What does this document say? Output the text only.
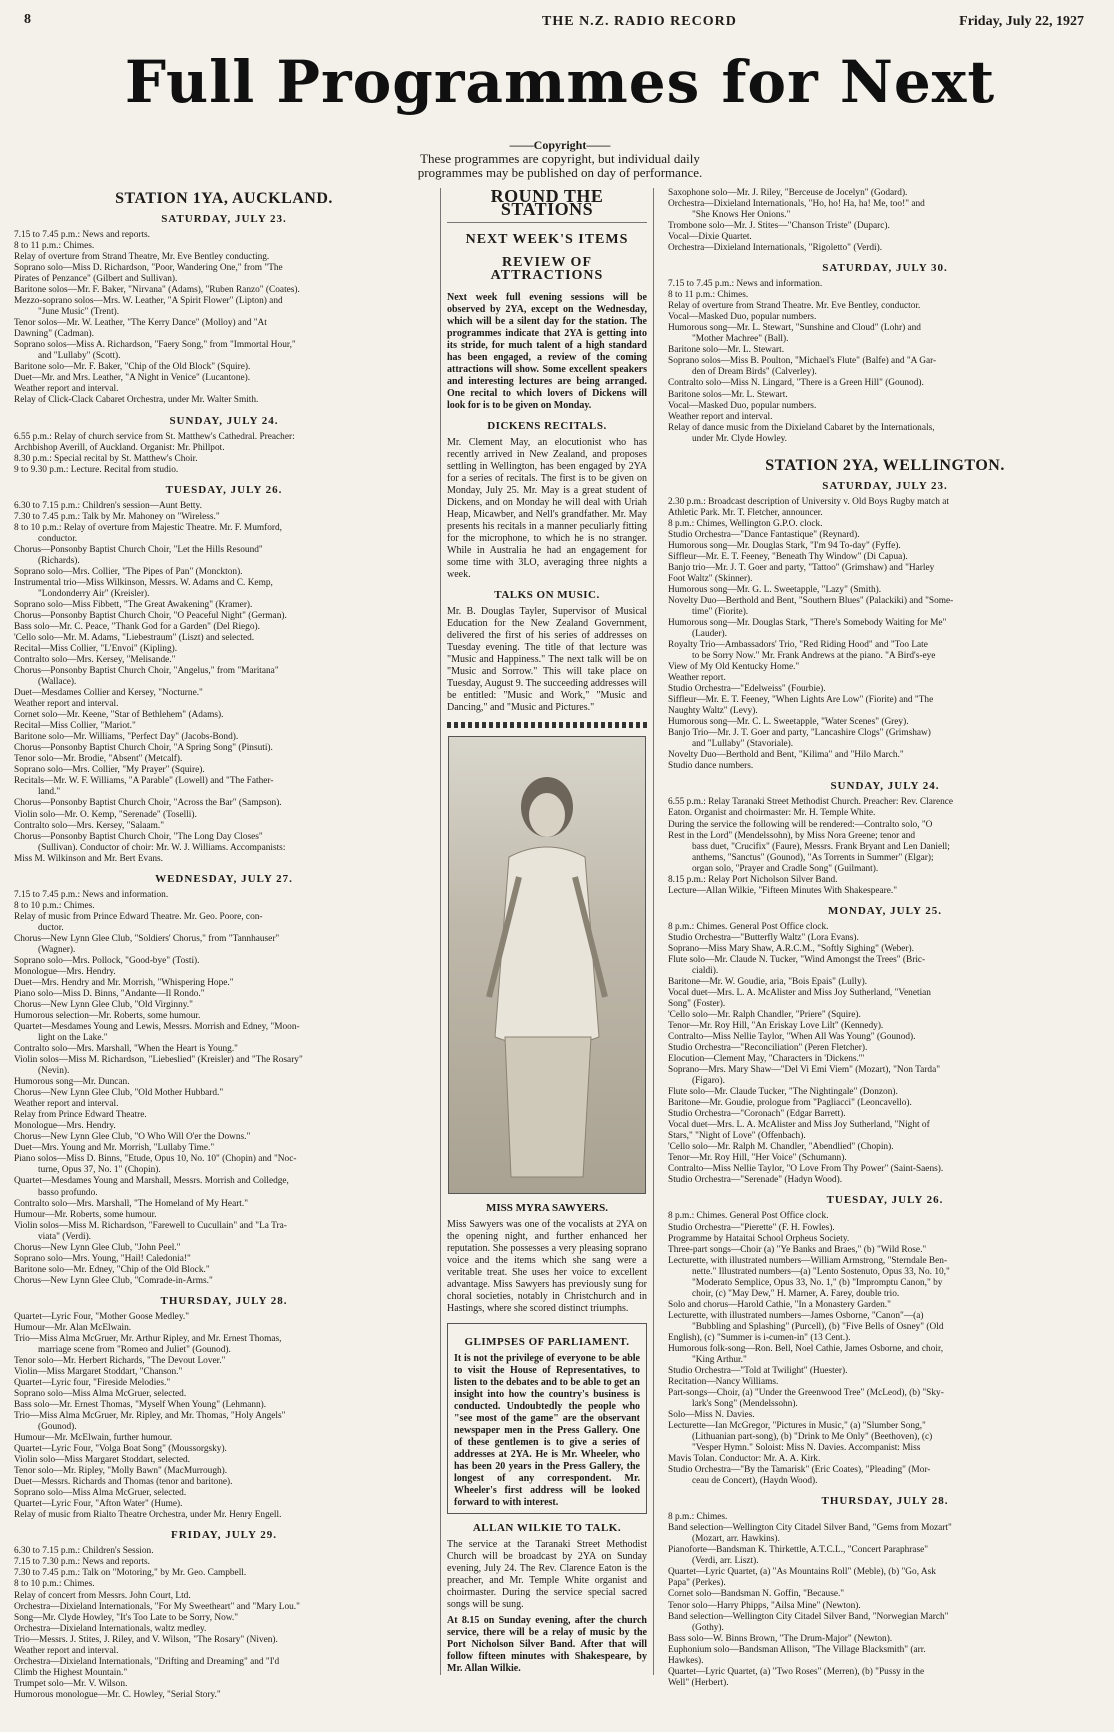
8	THE N.Z. RADIO RECORD	Friday, July 22, 1927
Full Programmes for Next
——Copyright——
These programmes are copyright, but individual daily
programmes may be published on day of performance.
STATION 1YA, AUCKLAND.
SATURDAY, JULY 23.
7.15 to 7.45 p.m.: News and reports.
8 to 11 p.m.: Chimes.
Relay of overture from Strand Theatre, Mr. Eve Bentley conducting.
Soprano solo—Miss D. Richardson, "Poor, Wandering One," from "The
Pirates of Penzance" (Gilbert and Sullivan).
Baritone solos—Mr. F. Baker, "Nirvana" (Adams), "Ruben Ranzo" (Coates).
Mezzo-soprano solos—Mrs. W. Leather, "A Spirit Flower" (Lipton) and
"June Music" (Trent).
Tenor solos—Mr. W. Leather, "The Kerry Dance" (Molloy) and "At
Dawning" (Cadman).
Soprano solos—Miss A. Richardson, "Faery Song," from "Immortal Hour,"
and "Lullaby" (Scott).
Baritone solo—Mr. F. Baker, "Chip of the Old Block" (Squire).
Duet—Mr. and Mrs. Leather, "A Night in Venice" (Lucantone).
Weather report and interval.
Relay of Click-Clack Cabaret Orchestra, under Mr. Walter Smith.
SUNDAY, JULY 24.
6.55 p.m.: Relay of church service from St. Matthew's Cathedral. Preacher:
Archbishop Averill, of Auckland. Organist: Mr. Phillpot.
8.30 p.m.: Special recital by St. Matthew's Choir.
9 to 9.30 p.m.: Lecture. Recital from studio.
TUESDAY, JULY 26.
6.30 to 7.15 p.m.: Children's session—Aunt Betty.
7.30 to 7.45 p.m.: Talk by Mr. Mahoney on "Wireless."
8 to 10 p.m.: Relay of overture from Majestic Theatre. Mr. F. Mumford,
conductor.
Chorus—Ponsonby Baptist Church Choir, "Let the Hills Resound"
(Richards).
Soprano solo—Mrs. Collier, "The Pipes of Pan" (Monckton).
Instrumental trio—Miss Wilkinson, Messrs. W. Adams and C. Kemp,
"Londonderry Air" (Kreisler).
Soprano solo—Miss Fibbett, "The Great Awakening" (Kramer).
Chorus—Ponsonby Baptist Church Choir, "O Peaceful Night" (German).
Bass solo—Mr. C. Peace, "Thank God for a Garden" (Del Riego).
'Cello solo—Mr. M. Adams, "Liebestraum" (Liszt) and selected.
Recital—Miss Collier, "L'Envoi" (Kipling).
Contralto solo—Mrs. Kersey, "Melisande."
Chorus—Ponsonby Baptist Church Choir, "Angelus," from "Maritana"
(Wallace).
Duet—Mesdames Collier and Kersey, "Nocturne."
Weather report and interval.
Cornet solo—Mr. Keene, "Star of Bethlehem" (Adams).
Recital—Miss Collier, "Mariot."
Baritone solo—Mr. Williams, "Perfect Day" (Jacobs-Bond).
Chorus—Ponsonby Baptist Church Choir, "A Spring Song" (Pinsuti).
Tenor solo—Mr. Brodie, "Absent" (Metcalf).
Soprano solo—Mrs. Collier, "My Prayer" (Squire).
Recitals—Mr. W. F. Williams, "A Parable" (Lowell) and "The Father-
land."
Chorus—Ponsonby Baptist Church Choir, "Across the Bar" (Sampson).
Violin solo—Mr. O. Kemp, "Serenade" (Toselli).
Contralto solo—Mrs. Kersey, "Salaam."
Chorus—Ponsonby Baptist Church Choir, "The Long Day Closes"
(Sullivan). Conductor of choir: Mr. W. J. Williams. Accompanists:
Miss M. Wilkinson and Mr. Bert Evans.
WEDNESDAY, JULY 27.
7.15 to 7.45 p.m.: News and information.
8 to 10 p.m.: Chimes.
Relay of music from Prince Edward Theatre. Mr. Geo. Poore, con-
ductor.
Chorus—New Lynn Glee Club, "Soldiers' Chorus," from "Tannhauser"
(Wagner).
Soprano solo—Mrs. Pollock, "Good-bye" (Tosti).
Monologue—Mrs. Hendry.
Duet—Mrs. Hendry and Mr. Morrish, "Whispering Hope."
Piano solo—Miss D. Binns, "Andante—Il Rondo."
Chorus—New Lynn Glee Club, "Old Virginny."
Humorous selection—Mr. Roberts, some humour.
Quartet—Mesdames Young and Lewis, Messrs. Morrish and Edney, "Moon-
light on the Lake."
Contralto solo—Mrs. Marshall, "When the Heart is Young."
Violin solos—Miss M. Richardson, "Liebeslied" (Kreisler) and "The Rosary"
(Nevin).
Humorous song—Mr. Duncan.
Chorus—New Lynn Glee Club, "Old Mother Hubbard."
Weather report and interval.
Relay from Prince Edward Theatre.
Monologue—Mrs. Hendry.
Chorus—New Lynn Glee Club, "O Who Will O'er the Downs."
Duet—Mrs. Young and Mr. Morrish, "Lullaby Time."
Piano solos—Miss D. Binns, "Etude, Opus 10, No. 10" (Chopin) and "Noc-
turne, Opus 37, No. 1" (Chopin).
Quartet—Mesdames Young and Marshall, Messrs. Morrish and Colledge,
basso profundo.
Contralto solo—Mrs. Marshall, "The Homeland of My Heart."
Humour—Mr. Roberts, some humour.
Violin solos—Miss M. Richardson, "Farewell to Cucullain" and "La Tra-
viata" (Verdi).
Chorus—New Lynn Glee Club, "John Peel."
Soprano solo—Mrs. Young, "Hail! Caledonia!"
Baritone solo—Mr. Edney, "Chip of the Old Block."
Chorus—New Lynn Glee Club, "Comrade-in-Arms."
THURSDAY, JULY 28.
Quartet—Lyric Four, "Mother Goose Medley."
Humour—Mr. Alan McElwain.
Trio—Miss Alma McGruer, Mr. Arthur Ripley, and Mr. Ernest Thomas,
marriage scene from "Romeo and Juliet" (Gounod).
Tenor solo—Mr. Herbert Richards, "The Devout Lover."
Violin—Miss Margaret Stoddart, "Chanson."
Quartet—Lyric four, "Fireside Melodies."
Soprano solo—Miss Alma McGruer, selected.
Bass solo—Mr. Ernest Thomas, "Myself When Young" (Lehmann).
Trio—Miss Alma McGruer, Mr. Ripley, and Mr. Thomas, "Holy Angels"
(Gounod).
Humour—Mr. McElwain, further humour.
Quartet—Lyric Four, "Volga Boat Song" (Moussorgsky).
Violin solo—Miss Margaret Stoddart, selected.
Tenor solo—Mr. Ripley, "Molly Bawn" (MacMurrough).
Duet—Messrs. Richards and Thomas (tenor and baritone).
Soprano solo—Miss Alma McGruer, selected.
Quartet—Lyric Four, "Afton Water" (Hume).
Relay of music from Rialto Theatre Orchestra, under Mr. Henry Engell.
FRIDAY, JULY 29.
6.30 to 7.15 p.m.: Children's Session.
7.15 to 7.30 p.m.: News and reports.
7.30 to 7.45 p.m.: Talk on "Motoring," by Mr. Geo. Campbell.
8 to 10 p.m.: Chimes.
Relay of concert from Messrs. John Court, Ltd.
Orchestra—Dixieland Internationals, "For My Sweetheart" and "Mary Lou."
Song—Mr. Clyde Howley, "It's Too Late to be Sorry, Now."
Orchestra—Dixieland Internationals, waltz medley.
Trio—Messrs. J. Stites, J. Riley, and V. Wilson, "The Rosary" (Niven).
Weather report and interval.
Orchestra—Dixieland Internationals, "Drifting and Dreaming" and "I'd
Climb the Highest Mountain."
Trumpet solo—Mr. V. Wilson.
Humorous monologue—Mr. C. Howley, "Serial Story."
ROUND THE STATIONS
NEXT WEEK'S ITEMS
REVIEW OF ATTRACTIONS
Next week full evening sessions will be observed by 2YA, except on the Wednesday, which will be a silent day for the station. The programmes indicate that 2YA is getting into its stride, for much talent of a high standard has been engaged, a review of the coming attractions will show. Some excellent speakers and interesting lectures are being arranged. One recital to which lovers of Dickens will look for is to be given on Monday.
DICKENS RECITALS.
Mr. Clement May, an elocutionist who has recently arrived in New Zealand, and proposes settling in Wellington, has been engaged by 2YA for a series of recitals. The first is to be given on Monday, July 25. Mr. May is a great student of Dickens, and on Monday he will deal with Uriah Heap, Micawber, and Nell's grandfather. Mr. May presents his recitals in a manner peculiarly fitting for the microphone, to which he is no stranger. While in Australia he had an engagement for some time with 3LO, averaging three nights a week.
TALKS ON MUSIC.
Mr. B. Douglas Tayler, Supervisor of Musical Education for the New Zealand Government, delivered the first of his series of addresses on Tuesday evening. The title of that lecture was "Music and Happiness." The next talk will be on "Music and Sorrow." This will take place on Tuesday, August 9. The succeeding addresses will be entitled: "Music and Work," "Music and Dancing," and "Music and Pictures."
MISS MYRA SAWYERS.
Miss Sawyers was one of the vocalists at 2YA on the opening night, and further enhanced her reputation. She possesses a very pleasing soprano voice and the items which she sang were a veritable treat. She uses her voice to excellent advantage. Miss Sawyers has previously sung for choral societies, notably in Christchurch and in Hastings, where she scored distinct triumphs.
GLIMPSES OF PARLIAMENT.
It is not the privilege of everyone to be able to visit the House of Representatives, to listen to the debates and to be able to get an insight into how the country's business is conducted. Undoubtedly the people who "see most of the game" are the observant newspaper men in the Press Gallery. One of these gentlemen is to give a series of addresses at 2YA. He is Mr. Wheeler, who has been 20 years in the Press Gallery, the longest of any correspondent. Mr. Wheeler's first address will be looked forward to with interest.
ALLAN WILKIE TO TALK.
The service at the Taranaki Street Methodist Church will be broadcast by 2YA on Sunday evening, July 24. The Rev. Clarence Eaton is the preacher, and Mr. Temple White organist and choirmaster. During the service special sacred songs will be sung.
At 8.15 on Sunday evening, after the church service, there will be a relay of music by the Port Nicholson Silver Band. After that will follow fifteen minutes with Shakespeare, by Mr. Allan Wilkie.
Saxophone solo—Mr. J. Riley, "Berceuse de Jocelyn" (Godard).
Orchestra—Dixieland Internationals, "Ho, ho! Ha, ha! Me, too!" and
"She Knows Her Onions."
Trombone solo—Mr. J. Stites—"Chanson Triste" (Duparc).
Vocal—Dixie Quartet.
Orchestra—Dixieland Internationals, "Rigoletto" (Verdi).
SATURDAY, JULY 30.
7.15 to 7.45 p.m.: News and information.
8 to 11 p.m.: Chimes.
Relay of overture from Strand Theatre. Mr. Eve Bentley, conductor.
Vocal—Masked Duo, popular numbers.
Humorous song—Mr. L. Stewart, "Sunshine and Cloud" (Lohr) and
"Mother Machree" (Ball).
Baritone solo—Mr. L. Stewart.
Soprano solos—Miss B. Poulton, "Michael's Flute" (Balfe) and "A Gar-
den of Dream Birds" (Calverley).
Contralto solo—Miss N. Lingard, "There is a Green Hill" (Gounod).
Baritone solos—Mr. L. Stewart.
Vocal—Masked Duo, popular numbers.
Weather report and interval.
Relay of dance music from the Dixieland Cabaret by the Internationals,
under Mr. Clyde Howley.
STATION 2YA, WELLINGTON.
SATURDAY, JULY 23.
2.30 p.m.: Broadcast description of University v. Old Boys Rugby match at
Athletic Park. Mr. T. Fletcher, announcer.
8 p.m.: Chimes, Wellington G.P.O. clock.
Studio Orchestra—"Dance Fantastique" (Reynard).
Humorous song—Mr. Douglas Stark, "I'm 94 To-day" (Fyffe).
Siffleur—Mr. E. T. Feeney, "Beneath Thy Window" (Di Capua).
Banjo trio—Mr. J. T. Goer and party, "Tattoo" (Grimshaw) and "Harley
Foot Waltz" (Skinner).
Humorous song—Mr. G. L. Sweetapple, "Lazy" (Smith).
Novelty Duo—Berthold and Bent, "Southern Blues" (Palackiki) and "Some-
time" (Fiorite).
Humorous song—Mr. Douglas Stark, "There's Somebody Waiting for Me"
(Lauder).
Royalty Trio—Ambassadors' Trio, "Red Riding Hood" and "Too Late
to be Sorry Now." Mr. Frank Andrews at the piano. "A Bird's-eye
View of My Old Kentucky Home."
Weather report.
Studio Orchestra—"Edelweiss" (Fourbie).
Siffleur—Mr. E. T. Feeney, "When Lights Are Low" (Fiorite) and "The
Naughty Waltz" (Levy).
Humorous song—Mr. C. L. Sweetapple, "Water Scenes" (Grey).
Banjo Trio—Mr. J. T. Goer and party, "Lancashire Clogs" (Grimshaw)
and "Lullaby" (Stavoriale).
Novelty Duo—Berthold and Bent, "Kilima" and "Hilo March."
Studio dance numbers.
SUNDAY, JULY 24.
6.55 p.m.: Relay Taranaki Street Methodist Church. Preacher: Rev. Clarence
Eaton. Organist and choirmaster: Mr. H. Temple White.
During the service the following will be rendered:—Contralto solo, "O
Rest in the Lord" (Mendelssohn), by Miss Nora Greene; tenor and
bass duet, "Crucifix" (Faure), Messrs. Frank Bryant and Len Daniell;
anthems, "Sanctus" (Gounod), "As Torrents in Summer" (Elgar);
organ solo, "Prayer and Cradle Song" (Guilmant).
8.15 p.m.: Relay Port Nicholson Silver Band.
Lecture—Allan Wilkie, "Fifteen Minutes With Shakespeare."
MONDAY, JULY 25.
8 p.m.: Chimes. General Post Office clock.
Studio Orchestra—"Butterfly Waltz" (Lora Evans).
Soprano—Miss Mary Shaw, A.R.C.M., "Softly Sighing" (Weber).
Flute solo—Mr. Claude N. Tucker, "Wind Amongst the Trees" (Bric-
cialdi).
Baritone—Mr. W. Goudie, aria, "Bois Epais" (Lully).
Vocal duet—Mrs. L. A. McAlister and Miss Joy Sutherland, "Venetian
Song" (Foster).
'Cello solo—Mr. Ralph Chandler, "Priere" (Squire).
Tenor—Mr. Roy Hill, "An Eriskay Love Lilt" (Kennedy).
Contralto—Miss Nellie Taylor, "When All Was Young" (Gounod).
Studio Orchestra—"Reconciliation" (Peren Fletcher).
Elocution—Clement May, "Characters in 'Dickens.'"
Soprano—Mrs. Mary Shaw—"Del Vi Emi Viem" (Mozart), "Non Tarda"
(Figaro).
Flute solo—Mr. Claude Tucker, "The Nightingale" (Donzon).
Baritone—Mr. Goudie, prologue from "Pagliacci" (Leoncavello).
Studio Orchestra—"Coronach" (Edgar Barrett).
Vocal duet—Mrs. L. A. McAlister and Miss Joy Sutherland, "Night of
Stars," "Night of Love" (Offenbach).
'Cello solo—Mr. Ralph M. Chandler, "Abendlied" (Chopin).
Tenor—Mr. Roy Hill, "Her Voice" (Schumann).
Contralto—Miss Nellie Taylor, "O Love From Thy Power" (Saint-Saens).
Studio Orchestra—"Serenade" (Hadyn Wood).
TUESDAY, JULY 26.
8 p.m.: Chimes. General Post Office clock.
Studio Orchestra—"Pierette" (F. H. Fowles).
Programme by Hataitai School Orpheus Society.
Three-part songs—Choir (a) "Ye Banks and Braes," (b) "Wild Rose."
Lecturette, with illustrated numbers—William Armstrong, "Sterndale Ben-
nette." Illustrated numbers—(a) "Lento Sostenuto, Opus 33, No. 10,"
"Moderato Semplice, Opus 33, No. 1," (b) "Impromptu Canon," by
choir, (c) "May Dew," H. Marner, A. Farey, double trio.
Solo and chorus—Harold Cathie, "In a Monastery Garden."
Lecturette, with illustrated numbers—James Osborne, "Canon"—(a)
"Bubbling and Splashing" (Purcell), (b) "Five Bells of Osney" (Old
English), (c) "Summer is i-cumen-in" (13 Cent.).
Humorous folk-song—Ron. Bell, Noel Cathie, James Osborne, and choir,
"King Arthur."
Studio Orchestra—"Told at Twilight" (Huester).
Recitation—Nancy Williams.
Part-songs—Choir, (a) "Under the Greenwood Tree" (McLeod), (b) "Sky-
lark's Song" (Mendelssohn).
Solo—Miss N. Davies.
Lecturette—Ian McGregor, "Pictures in Music," (a) "Slumber Song,"
(Lithuanian part-song), (b) "Drink to Me Only" (Beethoven), (c)
"Vesper Hymn." Soloist: Miss N. Davies. Accompanist: Miss
Mavis Tolan. Conductor: Mr. A. A. Kirk.
Studio Orchestra—"By the Tamarisk" (Eric Coates), "Pleading" (Mor-
ceau de Concert), (Haydn Wood).
THURSDAY, JULY 28.
8 p.m.: Chimes.
Band selection—Wellington City Citadel Silver Band, "Gems from Mozart"
(Mozart, arr. Hawkins).
Pianoforte—Bandsman K. Thirkettle, A.T.C.L., "Concert Paraphrase"
(Verdi, arr. Liszt).
Quartet—Lyric Quartet, (a) "As Mountains Roll" (Meble), (b) "Go, Ask
Papa" (Perkes).
Cornet solo—Bandsman N. Goffin, "Because."
Tenor solo—Harry Phipps, "Ailsa Mine" (Newton).
Band selection—Wellington City Citadel Silver Band, "Norwegian March"
(Gothy).
Bass solo—W. Binns Brown, "The Drum-Major" (Newton).
Euphonium solo—Bandsman Allison, "The Village Blacksmith" (arr.
Hawkes).
Quartet—Lyric Quartet, (a) "Two Roses" (Merren), (b) "Pussy in the
Well" (Herbert).
